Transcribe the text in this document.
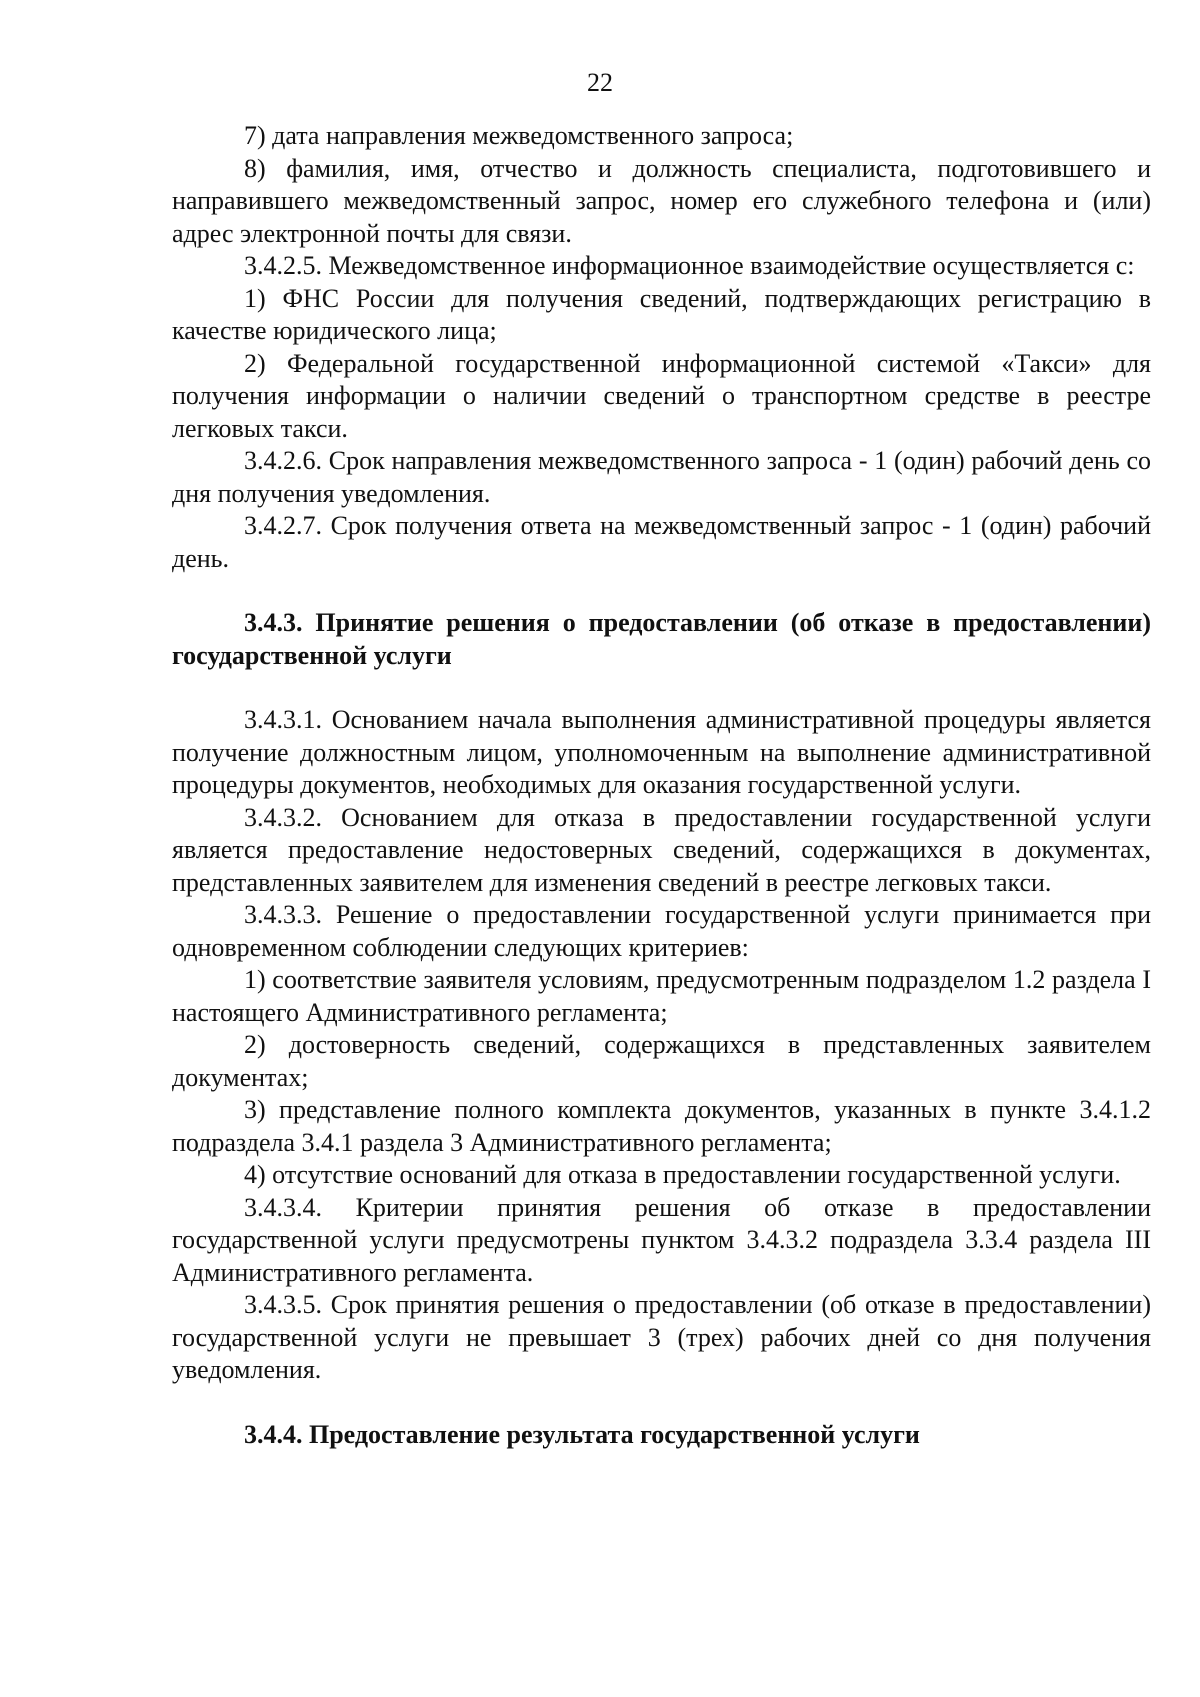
22

7) дата направления межведомственного запроса;

8) фамилия, имя, отчество и должность специалиста, подготовившего и направившего межведомственный запрос, номер его служебного телефона и (или) адрес электронной почты для связи.

3.4.2.5. Межведомственное информационное взаимодействие осуществляется с:

1) ФНС России для получения сведений, подтверждающих регистрацию в качестве юридического лица;

2) Федеральной государственной информационной системой «Такси» для получения информации о наличии сведений о транспортном средстве в реестре легковых такси.

3.4.2.6. Срок направления межведомственного запроса - 1 (один) рабочий день со дня получения уведомления.

3.4.2.7. Срок получения ответа на межведомственный запрос - 1 (один) рабочий день.

3.4.3. Принятие решения о предоставлении (об отказе в предоставлении) государственной услуги

3.4.3.1. Основанием начала выполнения административной процедуры является получение должностным лицом, уполномоченным на выполнение административной процедуры документов, необходимых для оказания государственной услуги.

3.4.3.2. Основанием для отказа в предоставлении государственной услуги является предоставление недостоверных сведений, содержащихся в документах, представленных заявителем для изменения сведений в реестре легковых такси.

3.4.3.3. Решение о предоставлении государственной услуги принимается при одновременном соблюдении следующих критериев:

1) соответствие заявителя условиям, предусмотренным подразделом 1.2 раздела I настоящего Административного регламента;

2) достоверность сведений, содержащихся в представленных заявителем документах;

3) представление полного комплекта документов, указанных в пункте 3.4.1.2 подраздела 3.4.1 раздела 3 Административного регламента;

4) отсутствие оснований для отказа в предоставлении государственной услуги.

3.4.3.4. Критерии принятия решения об отказе в предоставлении государственной услуги предусмотрены пунктом 3.4.3.2 подраздела 3.3.4 раздела III Административного регламента.

3.4.3.5. Срок принятия решения о предоставлении (об отказе в предоставлении) государственной услуги не превышает 3 (трех) рабочих дней со дня получения уведомления.

3.4.4. Предоставление результата государственной услуги
